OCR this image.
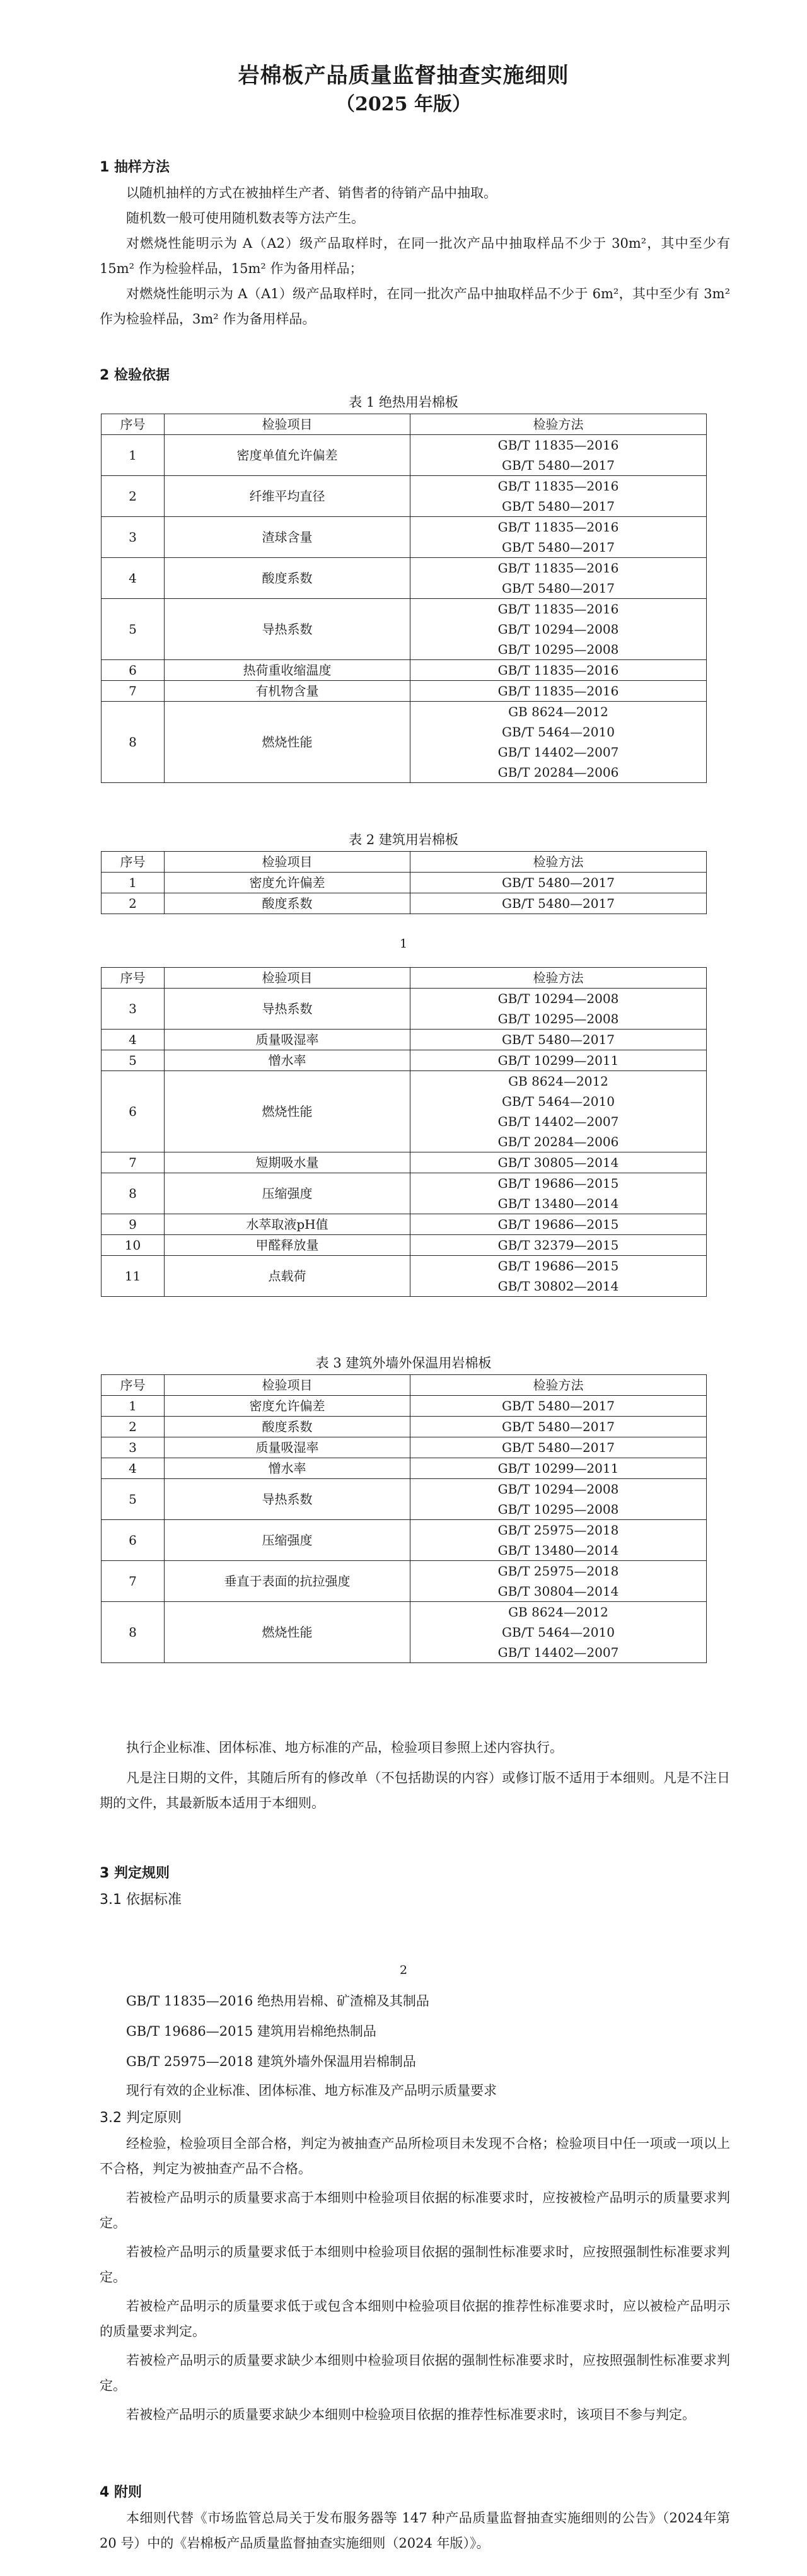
岩棉板产品质量监督抽查实施细则
（2025 年版）
1 抽样方法

以随机抽样的方式在被抽样生产者、销售者的待销产品中抽取。

随机数一般可使用随机数表等方法产生。

对燃烧性能明示为 A（A2）级产品取样时，在同一批次产品中抽取样品不少于 30m²，其中至少有 15m² 作为检验样品，15m² 作为备用样品；

对燃烧性能明示为 A（A1）级产品取样时，在同一批次产品中抽取样品不少于 6m²，其中至少有 3m² 作为检验样品，3m² 作为备用样品。

2 检验依据
表 1 绝热用岩棉板
序号	检验项目	检验方法
1	密度单值允许偏差	GB/T 11835—2016
GB/T 5480—2017

2	纤维平均直径	GB/T 11835—2016
GB/T 5480—2017

3	渣球含量	GB/T 11835—2016
GB/T 5480—2017

4	酸度系数	GB/T 11835—2016
GB/T 5480—2017

5	导热系数	GB/T 11835—2016
GB/T 10294—2008
GB/T 10295—2008

6	热荷重收缩温度	GB/T 11835—2016

7	有机物含量	GB/T 11835—2016

8	燃烧性能	GB 8624—2012
GB/T 5464—2010
GB/T 14402—2007
GB/T 20284—2006
表 2 建筑用岩棉板
序号	检验项目	检验方法
1	密度允许偏差	GB/T 5480—2017

2	酸度系数	GB/T 5480—2017
1
序号	检验项目	检验方法
3	导热系数	GB/T 10294—2008
GB/T 10295—2008

4	质量吸湿率	GB/T 5480—2017

5	憎水率	GB/T 10299—2011

6	燃烧性能	GB 8624—2012
GB/T 5464—2010
GB/T 14402—2007
GB/T 20284—2006

7	短期吸水量	GB/T 30805—2014

8	压缩强度	GB/T 19686—2015
GB/T 13480—2014

9	水萃取液pH值	GB/T 19686—2015

10	甲醛释放量	GB/T 32379—2015

11	点载荷	GB/T 19686—2015
GB/T 30802—2014
表 3 建筑外墙外保温用岩棉板
序号	检验项目	检验方法
1	密度允许偏差	GB/T 5480—2017

2	酸度系数	GB/T 5480—2017

3	质量吸湿率	GB/T 5480—2017

4	憎水率	GB/T 10299—2011

5	导热系数	GB/T 10294—2008
GB/T 10295—2008

6	压缩强度	GB/T 25975—2018
GB/T 13480—2014

7	垂直于表面的抗拉强度	GB/T 25975—2018
GB/T 30804—2014

8	燃烧性能	GB 8624—2012
GB/T 5464—2010
GB/T 14402—2007

执行企业标准、团体标准、地方标准的产品，检验项目参照上述内容执行。

凡是注日期的文件，其随后所有的修改单（不包括勘误的内容）或修订版不适用于本细则。凡是不注日期的文件，其最新版本适用于本细则。

3 判定规则
3.1 依据标准
2

GB/T 11835—2016 绝热用岩棉、矿渣棉及其制品

GB/T 19686—2015 建筑用岩棉绝热制品

GB/T 25975—2018 建筑外墙外保温用岩棉制品

现行有效的企业标准、团体标准、地方标准及产品明示质量要求

3.2 判定原则

经检验，检验项目全部合格，判定为被抽查产品所检项目未发现不合格；检验项目中任一项或一项以上不合格，判定为被抽查产品不合格。

若被检产品明示的质量要求高于本细则中检验项目依据的标准要求时，应按被检产品明示的质量要求判定。

若被检产品明示的质量要求低于本细则中检验项目依据的强制性标准要求时，应按照强制性标准要求判定。

若被检产品明示的质量要求低于或包含本细则中检验项目依据的推荐性标准要求时，应以被检产品明示的质量要求判定。

若被检产品明示的质量要求缺少本细则中检验项目依据的强制性标准要求时，应按照强制性标准要求判定。

若被检产品明示的质量要求缺少本细则中检验项目依据的推荐性标准要求时，该项目不参与判定。

4 附则

本细则代替《市场监管总局关于发布服务器等 147 种产品质量监督抽查实施细则的公告》（2024年第 20 号）中的《岩棉板产品质量监督抽查实施细则（2024 年版）》。
